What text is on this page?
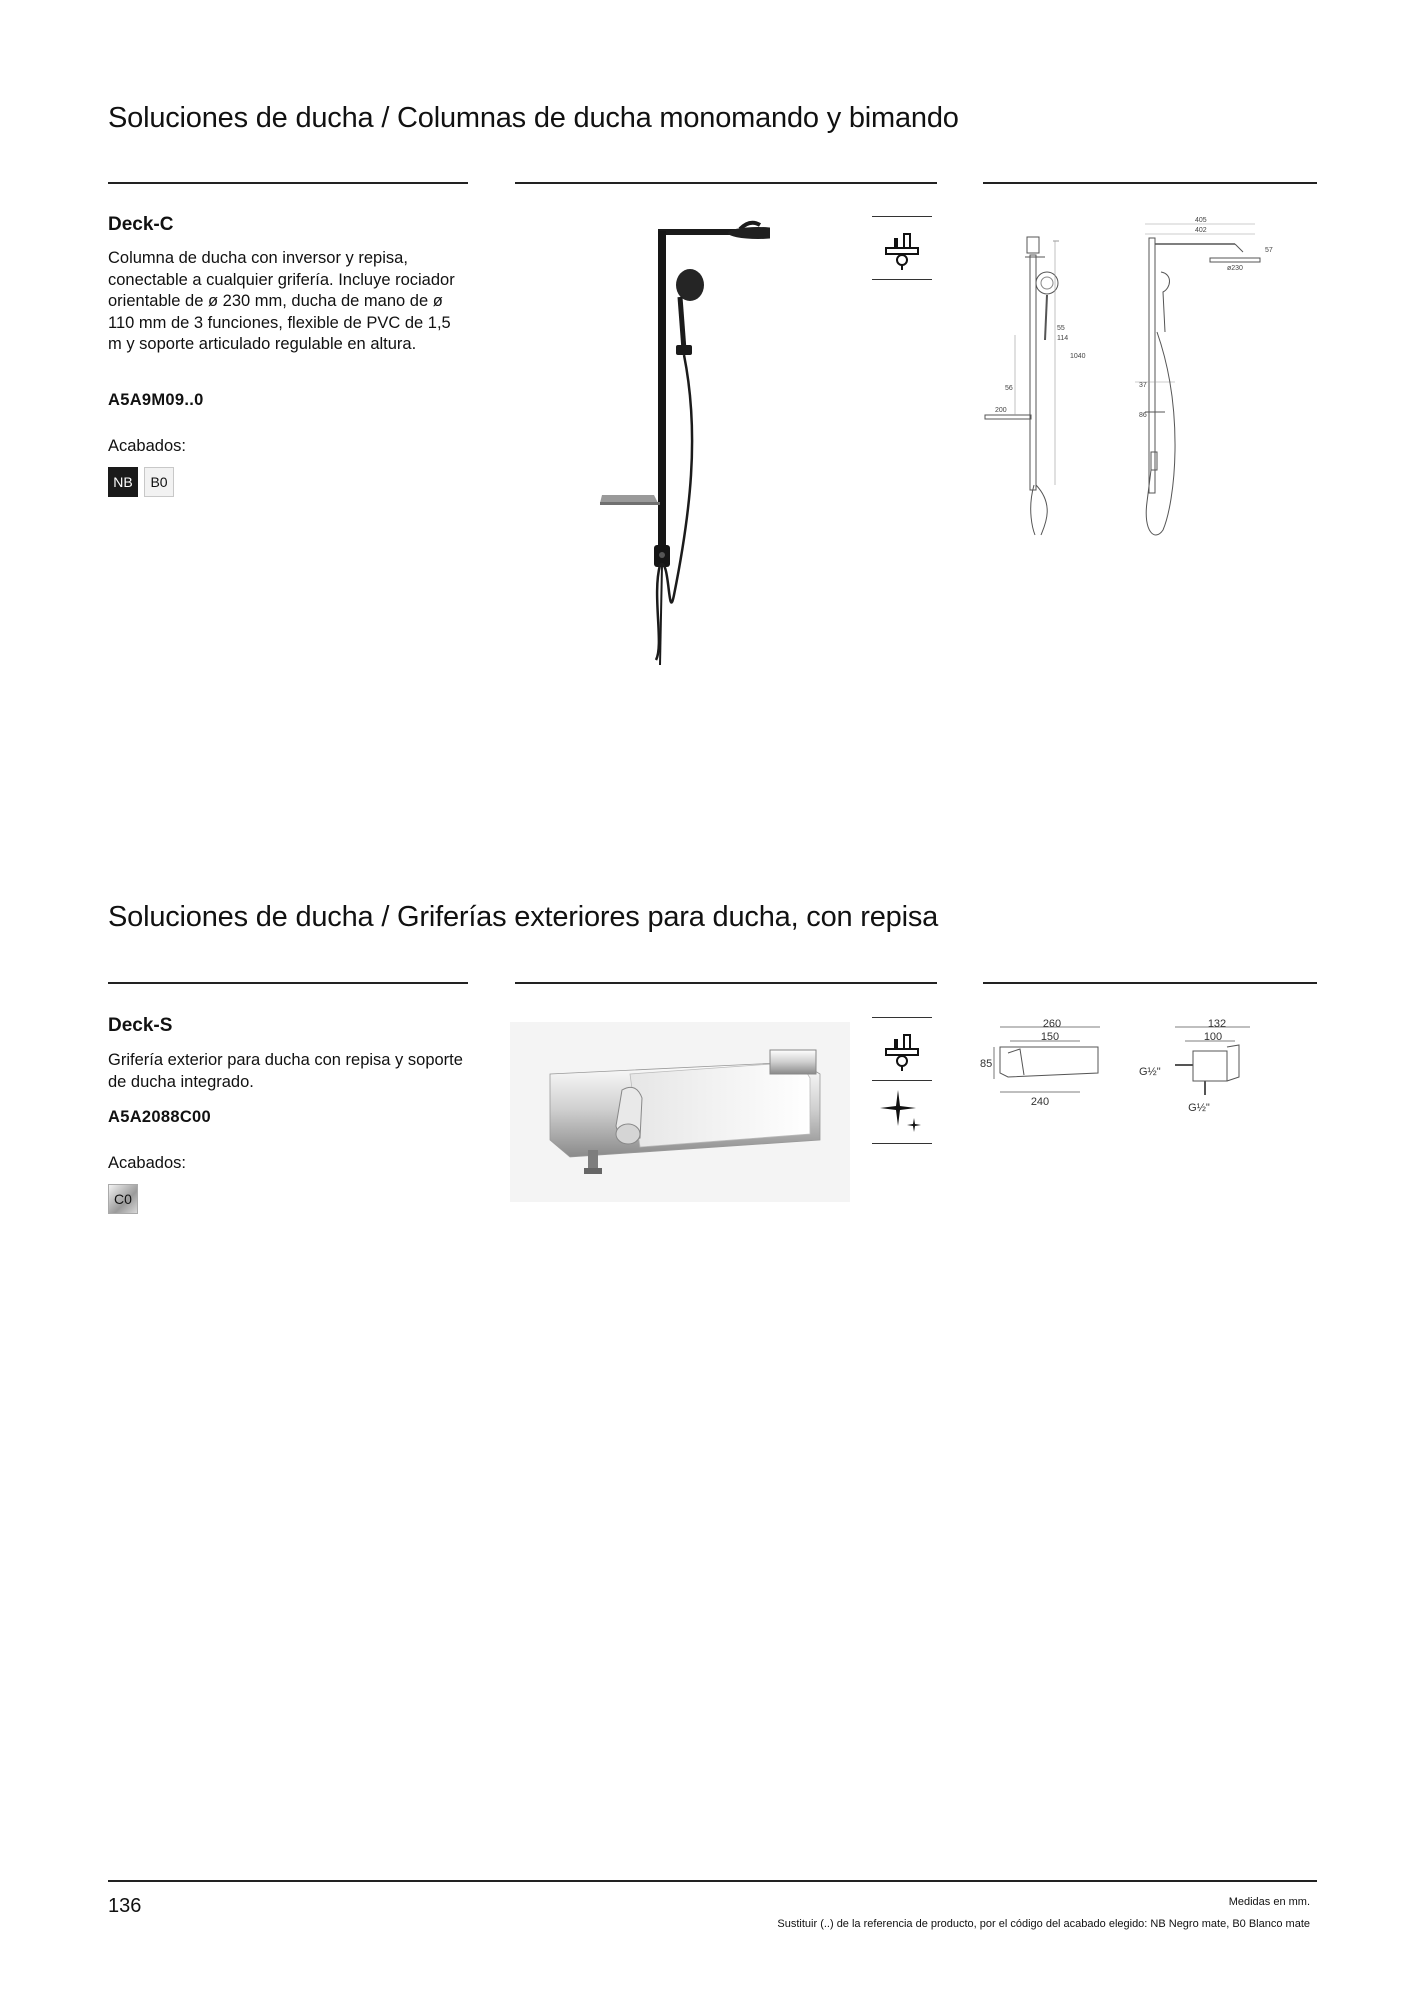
Soluciones de ducha / Columnas de ducha monomando y bimando
Deck-C

Columna de ducha con inversor y repisa, conectable a cualquier grifería. Incluye rociador orientable de ø 230 mm, ducha de mano de ø 110 mm de 3 funciones, flexible de PVC de 1,5 m y soporte articulado regulable en altura.

A5A9M09..0
Acabados:
NB	B0
55
114
1040
56
200
405
402
57
ø230
37
86
Soluciones de ducha / Griferías exteriores para ducha, con repisa
Deck-S

Grifería exterior para ducha con repisa y soporte de ducha integrado.

A5A2088C00
Acabados:
C0
260
150
85
240
132
100
G½"
G½"
136	Medidas en mm.
Sustituir (..) de la referencia de producto, por el código del acabado elegido: NB Negro mate, B0 Blanco mate
